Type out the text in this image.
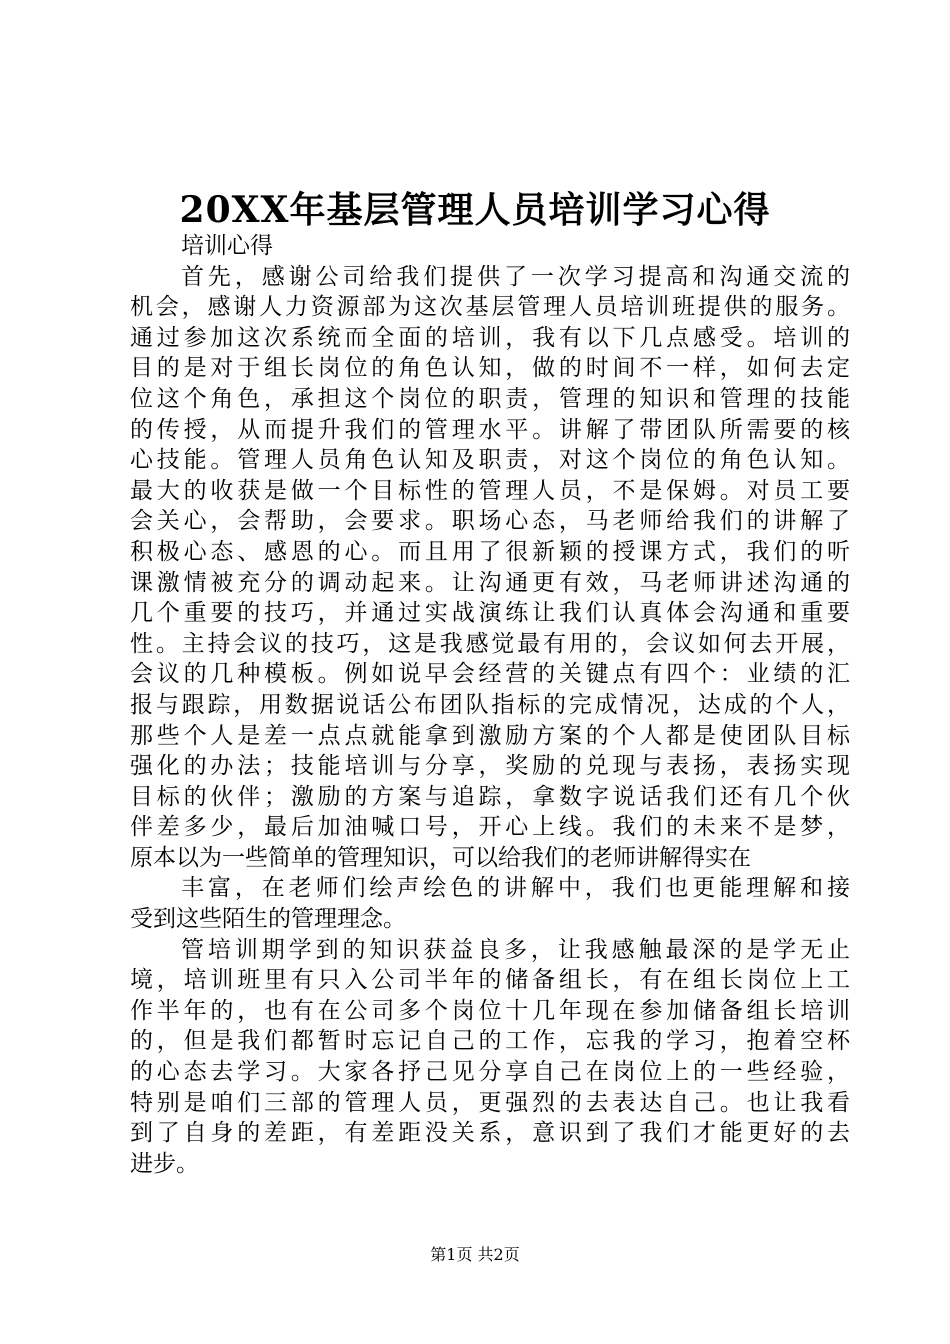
20XX年基层管理人员培训学习心得
培训心得
首先，感谢公司给我们提供了一次学习提高和沟通交流的
机会，感谢人力资源部为这次基层管理人员培训班提供的服务。
通过参加这次系统而全面的培训，我有以下几点感受。培训的
目的是对于组长岗位的角色认知，做的时间不一样，如何去定
位这个角色，承担这个岗位的职责，管理的知识和管理的技能
的传授，从而提升我们的管理水平。讲解了带团队所需要的核
心技能。管理人员角色认知及职责，对这个岗位的角色认知。
最大的收获是做一个目标性的管理人员，不是保姆。对员工要
会关心，会帮助，会要求。职场心态，马老师给我们的讲解了
积极心态、感恩的心。而且用了很新颖的授课方式，我们的听
课激情被充分的调动起来。让沟通更有效，马老师讲述沟通的
几个重要的技巧，并通过实战演练让我们认真体会沟通和重要
性。主持会议的技巧，这是我感觉最有用的，会议如何去开展，
会议的几种模板。例如说早会经营的关键点有四个：业绩的汇
报与跟踪，用数据说话公布团队指标的完成情况，达成的个人，
那些个人是差一点点就能拿到激励方案的个人都是使团队目标
强化的办法；技能培训与分享，奖励的兑现与表扬，表扬实现
目标的伙伴；激励的方案与追踪，拿数字说话我们还有几个伙
伴差多少，最后加油喊口号，开心上线。我们的未来不是梦，
原本以为一些简单的管理知识，可以给我们的老师讲解得实在
丰富，在老师们绘声绘色的讲解中，我们也更能理解和接
受到这些陌生的管理理念。
管培训期学到的知识获益良多，让我感触最深的是学无止
境，培训班里有只入公司半年的储备组长，有在组长岗位上工
作半年的，也有在公司多个岗位十几年现在参加储备组长培训
的，但是我们都暂时忘记自己的工作，忘我的学习，抱着空杯
的心态去学习。大家各抒己见分享自己在岗位上的一些经验，
特别是咱们三部的管理人员，更强烈的去表达自己。也让我看
到了自身的差距，有差距没关系，意识到了我们才能更好的去
进步。
第1页 共2页
